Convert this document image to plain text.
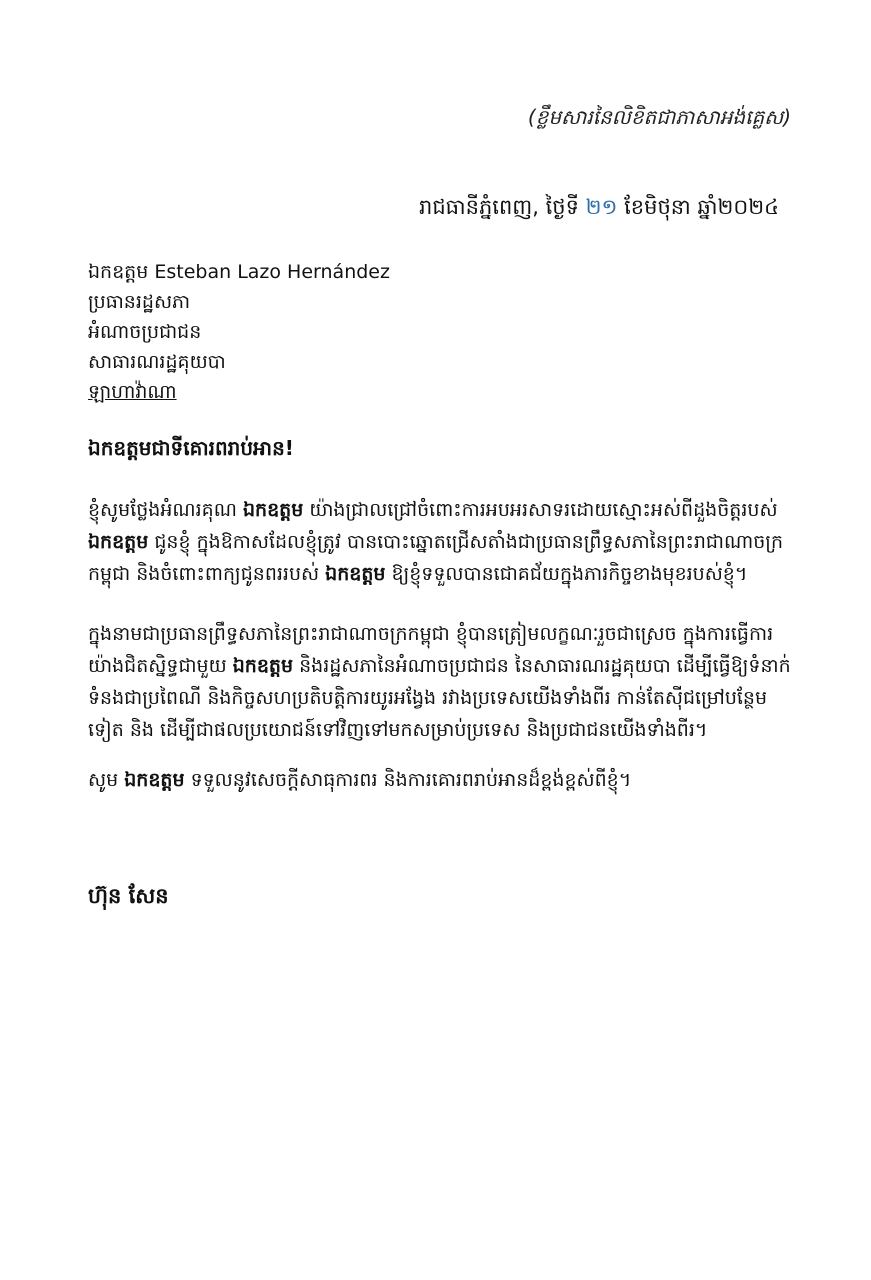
(ខ្លឹមសារនៃលិខិតជាភាសាអង់គ្លេស)
រាជធានីភ្នំពេញ, ថ្ងៃទី ២១ ខែមិថុនា ឆ្នាំ២០២៤
ឯកឧត្តម Esteban Lazo Hernández
ប្រធានរដ្ឋសភា
អំណាចប្រជាជន
សាធារណរដ្ឋគុយបា
ឡាហាវ៉ាណា
ឯកឧត្តមជាទីគោរពរាប់អាន!
ខ្ញុំសូមថ្លែងអំណរគុណ ឯកឧត្តម យ៉ាងជ្រាលជ្រៅចំពោះការអបអរសាទរដោយស្មោះអស់ពីដួងចិត្តរបស់
ឯកឧត្តម ជូនខ្ញុំ ក្នុងឱកាសដែលខ្ញុំត្រូវ បានបោះឆ្នោតជ្រើសតាំងជាប្រធានព្រឹទ្ធសភានៃព្រះរាជាណាចក្រ
កម្ពុជា និងចំពោះពាក្យជូនពររបស់ ឯកឧត្តម ឱ្យខ្ញុំទទួលបានជោគជ័យក្នុងភារកិច្ចខាងមុខរបស់ខ្ញុំ។
ក្នុងនាមជាប្រធានព្រឹទ្ធសភានៃព្រះរាជាណាចក្រកម្ពុជា ខ្ញុំបានត្រៀមលក្ខណៈរួចជាស្រេច ក្នុងការធ្វើការ
យ៉ាងជិតស្និទ្ធជាមួយ ឯកឧត្តម និងរដ្ឋសភានៃអំណាចប្រជាជន នៃសាធារណរដ្ឋគុយបា ដើម្បីធ្វើឱ្យទំនាក់
ទំនងជាប្រពៃណី និងកិច្ចសហប្រតិបត្តិការយូរអង្វែង រវាងប្រទេសយើងទាំងពីរ កាន់តែស៊ីជម្រៅបន្ថែម
ទៀត និង ដើម្បីជាផលប្រយោជន៍ទៅវិញទៅមកសម្រាប់ប្រទេស និងប្រជាជនយើងទាំងពីរ។
សូម ឯកឧត្តម ទទួលនូវសេចក្តីសាធុការពរ និងការគោរពរាប់អានដ៏ខ្ពង់ខ្ពស់ពីខ្ញុំ។
ហ៊ុន សែន
